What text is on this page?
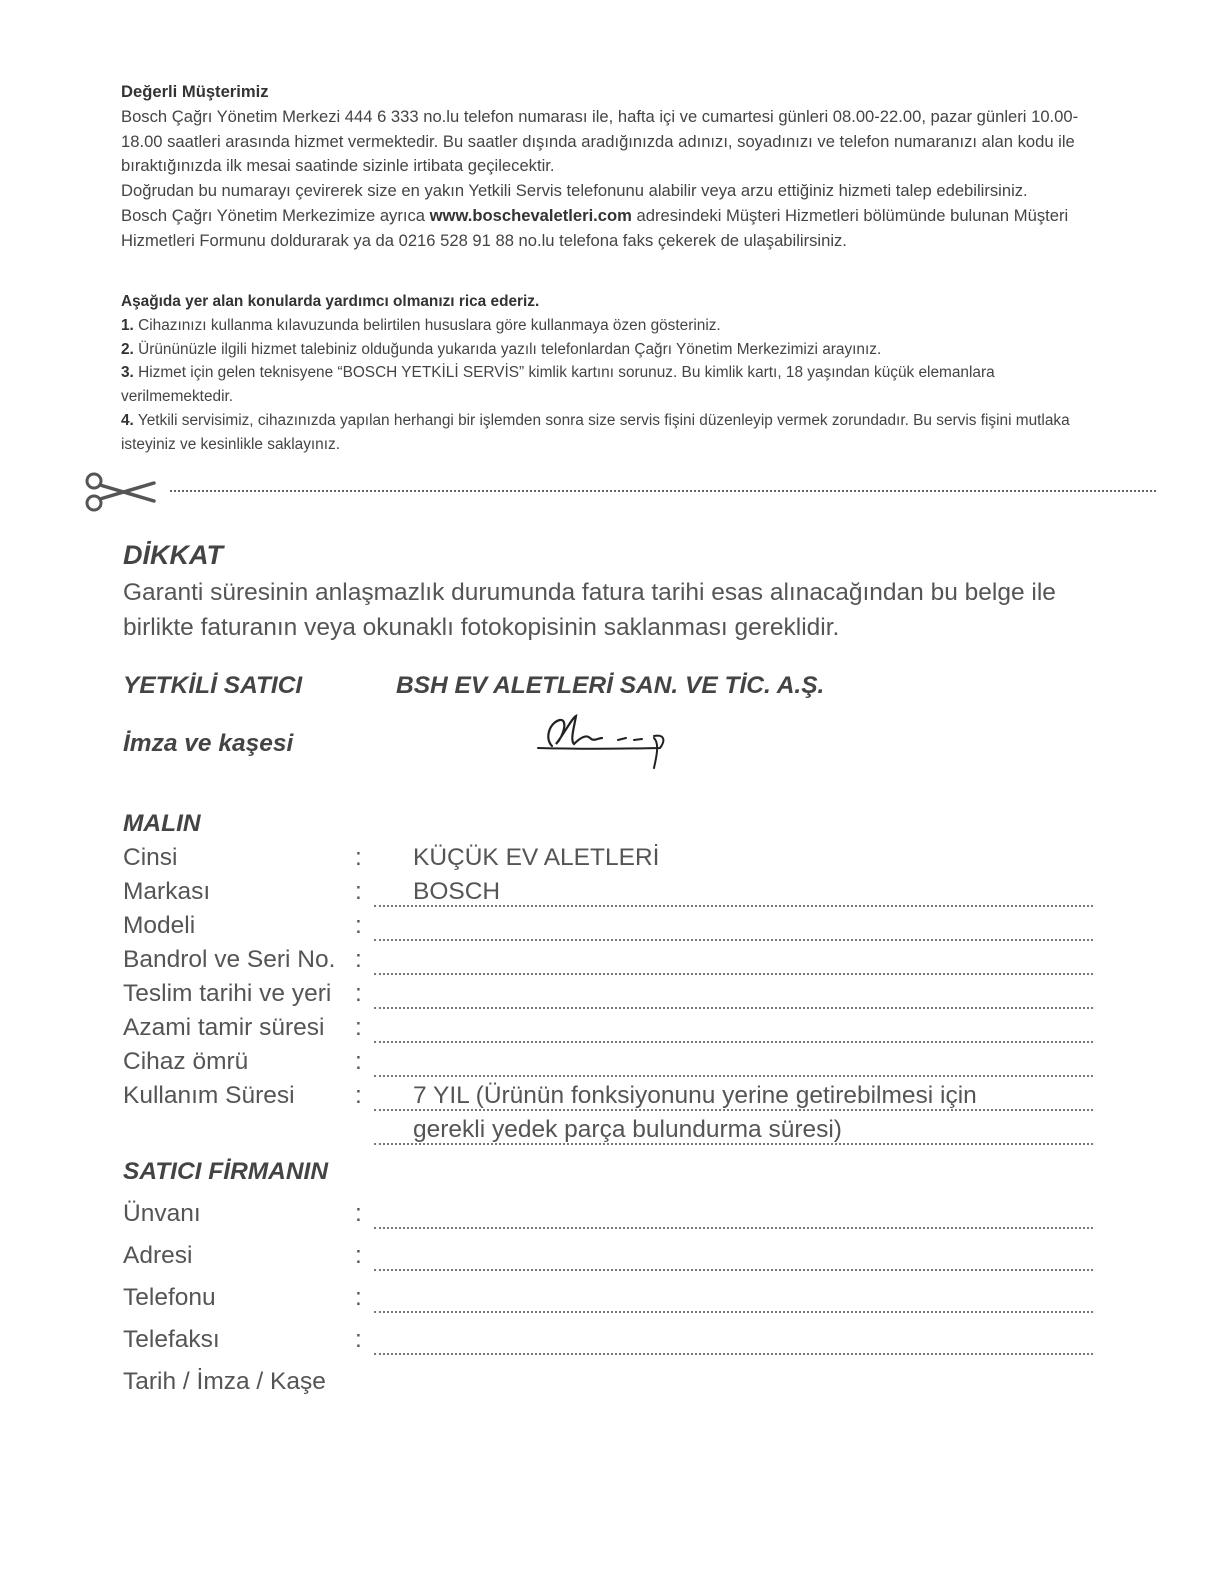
Değerli Müşterimiz

Bosch Çağrı Yönetim Merkezi 444 6 333 no.lu telefon numarası ile, hafta içi ve cumartesi günleri 08.00-22.00, pazar günleri 10.00-18.00 saatleri arasında hizmet vermektedir. Bu saatler dışında aradığınızda adınızı, soyadınızı ve telefon numaranızı alan kodu ile bıraktığınızda ilk mesai saatinde sizinle irtibata geçilecektir.

Doğrudan bu numarayı çevirerek size en yakın Yetkili Servis telefonunu alabilir veya arzu ettiğiniz hizmeti talep edebilirsiniz.

Bosch Çağrı Yönetim Merkezimize ayrıca www.boschevaletleri.com adresindeki Müşteri Hizmetleri bölümünde bulunan Müşteri Hizmetleri Formunu doldurarak ya da 0216 528 91 88 no.lu telefona faks çekerek de ulaşabilirsiniz.

Aşağıda yer alan konularda yardımcı olmanızı rica ederiz.

1. Cihazınızı kullanma kılavuzunda belirtilen hususlara göre kullanmaya özen gösteriniz.

2. Ürününüzle ilgili hizmet talebiniz olduğunda yukarıda yazılı telefonlardan Çağrı Yönetim Merkezimizi arayınız.

3. Hizmet için gelen teknisyene “BOSCH YETKİLİ SERVİS” kimlik kartını sorunuz. Bu kimlik kartı, 18 yaşından küçük elemanlara verilmemektedir.

4. Yetkili servisimiz, cihazınızda yapılan herhangi bir işlemden sonra size servis fişini düzenleyip vermek zorundadır. Bu servis fişini mutlaka isteyiniz ve kesinlikle saklayınız.

DİKKAT
Garanti süresinin anlaşmazlık durumunda fatura tarihi esas alınacağından bu belge ile birlikte faturanın veya okunaklı fotokopisinin saklanması gereklidir.
YETKİLİ SATICI	BSH EV ALETLERİ SAN. VE TİC. A.Ş.
İmza ve kaşesi
MALIN
Cinsi	: KÜÇÜK EV ALETLERİ
Markası	: BOSCH
Modeli	:
Bandrol ve Seri No. :
Teslim tarihi ve yeri :
Azami tamir süresi :
Cihaz ömrü	:
Kullanım Süresi : 7 YIL (Ürünün fonksiyonunu yerine getirebilmesi için
gerekli yedek parça bulundurma süresi)
SATICI FİRMANIN
Ünvanı	:
Adresi	:
Telefonu	:
Telefaksı	:
Tarih / İmza / Kaşe
